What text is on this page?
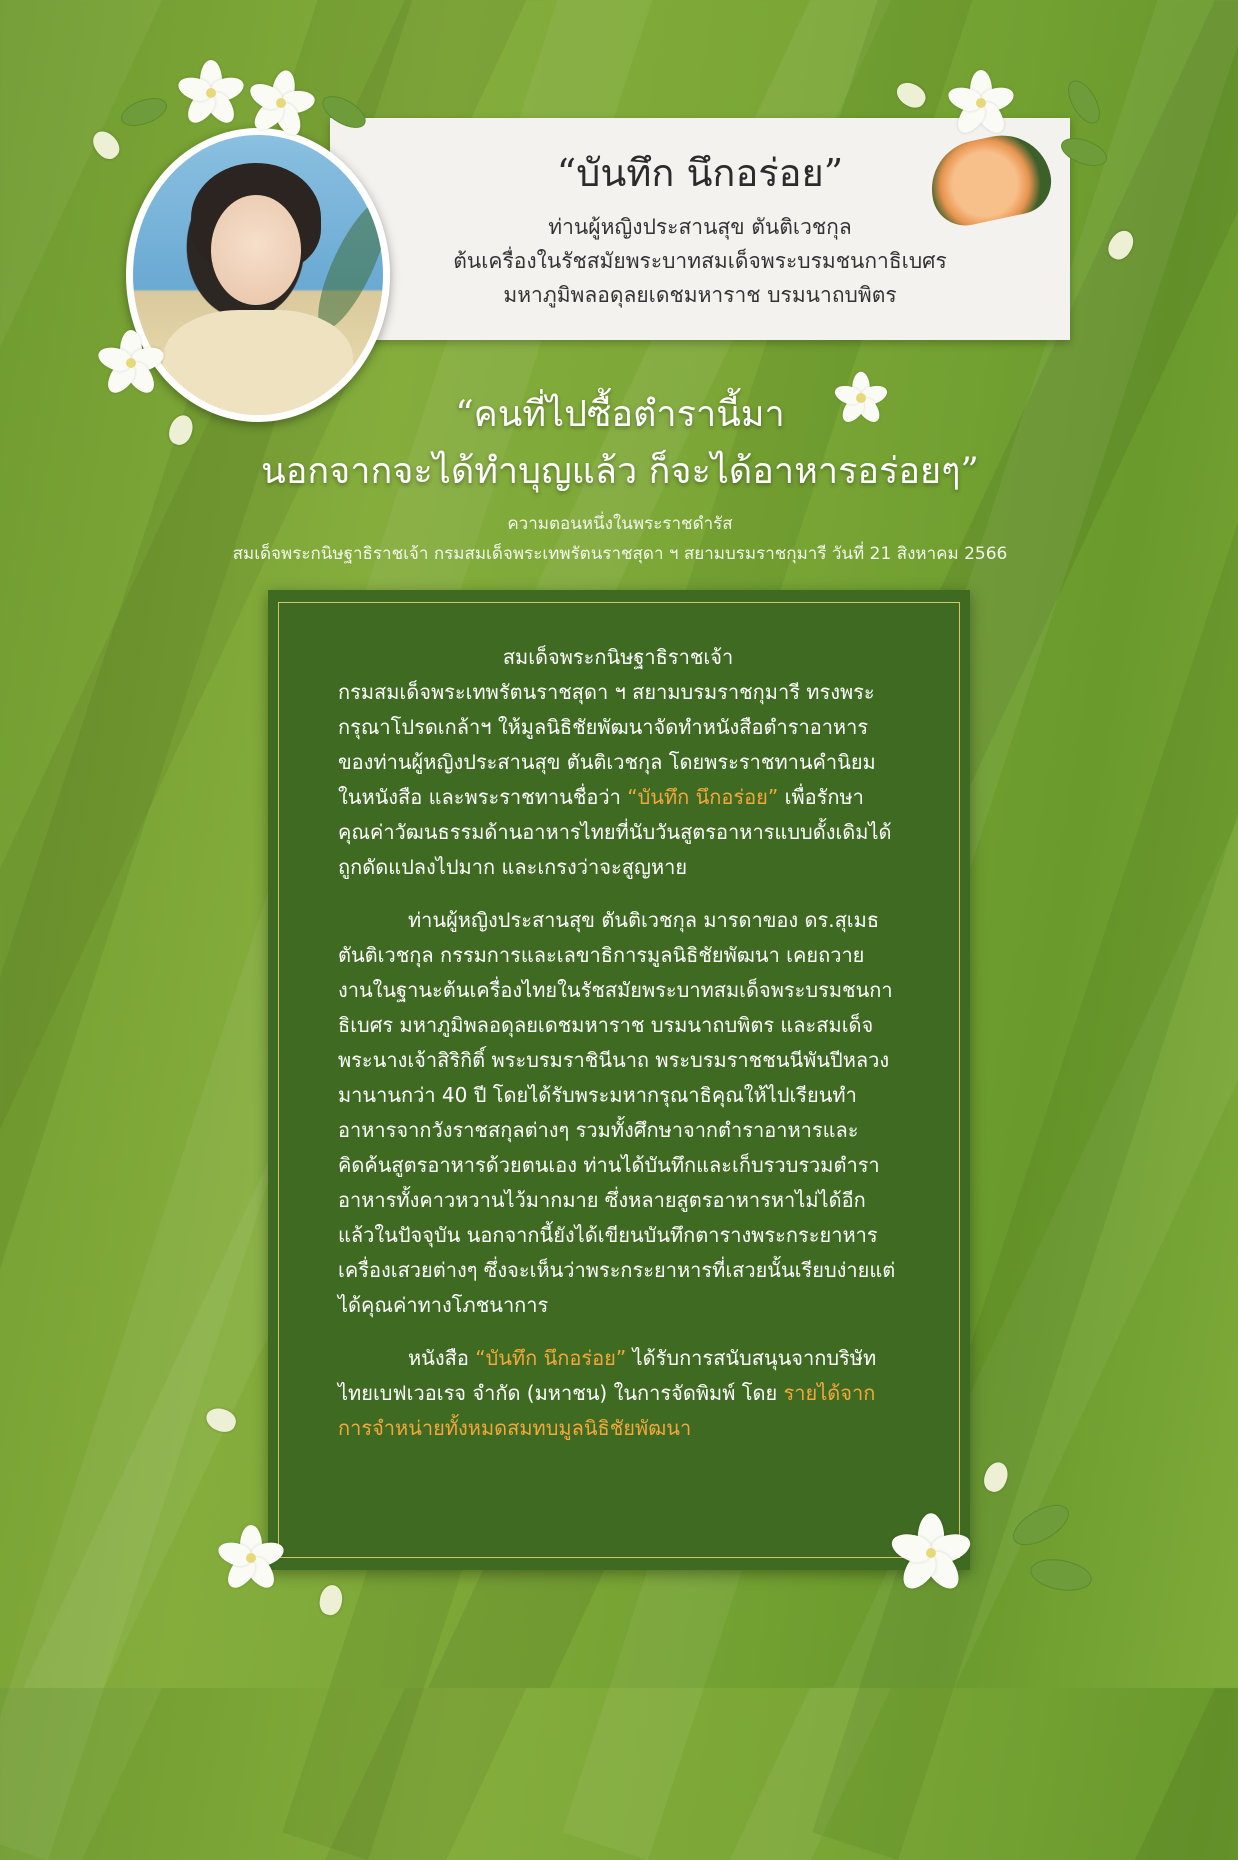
“บันทึก นึกอร่อย”
ท่านผู้หญิงประสานสุข ตันติเวชกุล
ต้นเครื่องในรัชสมัยพระบาทสมเด็จพระบรมชนกาธิเบศร
มหาภูมิพลอดุลยเดชมหาราช บรมนาถบพิตร
“คนที่ไปซื้อตำรานี้มา
นอกจากจะได้ทำบุญแล้ว ก็จะได้อาหารอร่อยๆ”
ความตอนหนึ่งในพระราชดำรัส
สมเด็จพระกนิษฐาธิราชเจ้า กรมสมเด็จพระเทพรัตนราชสุดา ฯ สยามบรมราชกุมารี วันที่ 21 สิงหาคม 2566

สมเด็จพระกนิษฐาธิราชเจ้า
กรมสมเด็จพระเทพรัตนราชสุดา ฯ สยามบรมราชกุมารี ทรงพระกรุณาโปรดเกล้าฯ ให้มูลนิธิชัยพัฒนาจัดทำหนังสือตำราอาหารของท่านผู้หญิงประสานสุข ตันติเวชกุล โดยพระราชทานคำนิยมในหนังสือ และพระราชทานชื่อว่า “บันทึก นึกอร่อย” เพื่อรักษาคุณค่าวัฒนธรรมด้านอาหารไทยที่นับวันสูตรอาหารแบบดั้งเดิมได้ถูกดัดแปลงไปมาก และเกรงว่าจะสูญหาย

ท่านผู้หญิงประสานสุข ตันติเวชกุล มารดาของ ดร.สุเมธ ตันติเวชกุล กรรมการและเลขาธิการมูลนิธิชัยพัฒนา เคยถวายงานในฐานะต้นเครื่องไทยในรัชสมัยพระบาทสมเด็จพระบรมชนกาธิเบศร มหาภูมิพลอดุลยเดชมหาราช บรมนาถบพิตร และสมเด็จพระนางเจ้าสิริกิติ์ พระบรมราชินีนาถ พระบรมราชชนนีพันปีหลวง มานานกว่า 40 ปี โดยได้รับพระมหากรุณาธิคุณให้ไปเรียนทำอาหารจากวังราชสกุลต่างๆ รวมทั้งศึกษาจากตำราอาหารและคิดค้นสูตรอาหารด้วยตนเอง ท่านได้บันทึกและเก็บรวบรวมตำราอาหารทั้งคาวหวานไว้มากมาย ซึ่งหลายสูตรอาหารหาไม่ได้อีกแล้วในปัจจุบัน นอกจากนี้ยังได้เขียนบันทึกตารางพระกระยาหารเครื่องเสวยต่างๆ ซึ่งจะเห็นว่าพระกระยาหารที่เสวยนั้นเรียบง่ายแต่ได้คุณค่าทางโภชนาการ

หนังสือ “บันทึก นึกอร่อย” ได้รับการสนับสนุนจากบริษัท ไทยเบฟเวอเรจ จำกัด (มหาชน) ในการจัดพิมพ์ โดย รายได้จากการจำหน่ายทั้งหมดสมทบมูลนิธิชัยพัฒนา
